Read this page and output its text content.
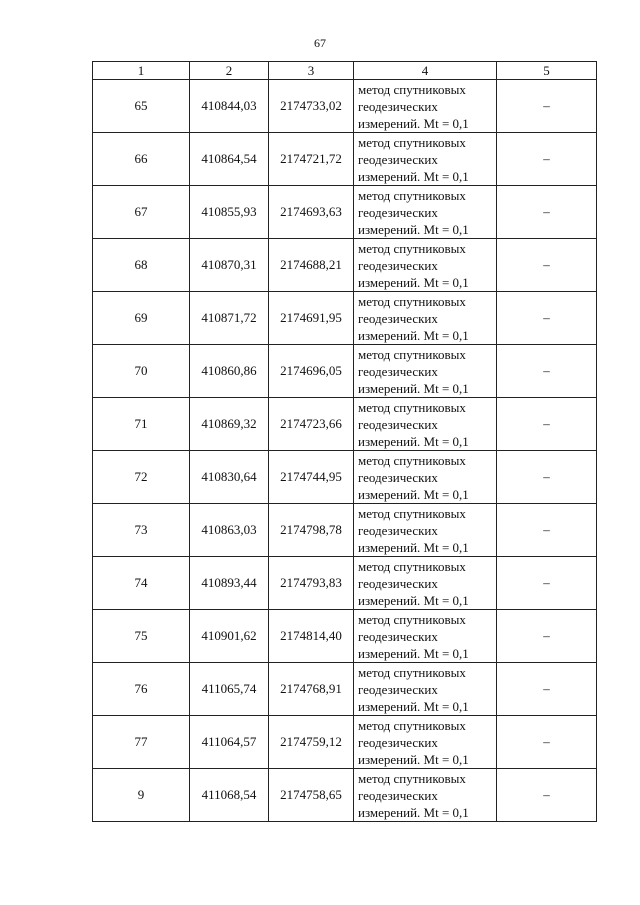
67
1	2	3	4	5
65	410844,03	2174733,02	метод спутниковых
геодезических
измерений. Mt = 0,1	–
66	410864,54	2174721,72	метод спутниковых
геодезических
измерений. Mt = 0,1	–
67	410855,93	2174693,63	метод спутниковых
геодезических
измерений. Mt = 0,1	–
68	410870,31	2174688,21	метод спутниковых
геодезических
измерений. Mt = 0,1	–
69	410871,72	2174691,95	метод спутниковых
геодезических
измерений. Mt = 0,1	–
70	410860,86	2174696,05	метод спутниковых
геодезических
измерений. Mt = 0,1	–
71	410869,32	2174723,66	метод спутниковых
геодезических
измерений. Mt = 0,1	–
72	410830,64	2174744,95	метод спутниковых
геодезических
измерений. Mt = 0,1	–
73	410863,03	2174798,78	метод спутниковых
геодезических
измерений. Mt = 0,1	–
74	410893,44	2174793,83	метод спутниковых
геодезических
измерений. Mt = 0,1	–
75	410901,62	2174814,40	метод спутниковых
геодезических
измерений. Mt = 0,1	–
76	411065,74	2174768,91	метод спутниковых
геодезических
измерений. Mt = 0,1	–
77	411064,57	2174759,12	метод спутниковых
геодезических
измерений. Mt = 0,1	–
9	411068,54	2174758,65	метод спутниковых
геодезических
измерений. Mt = 0,1	–
